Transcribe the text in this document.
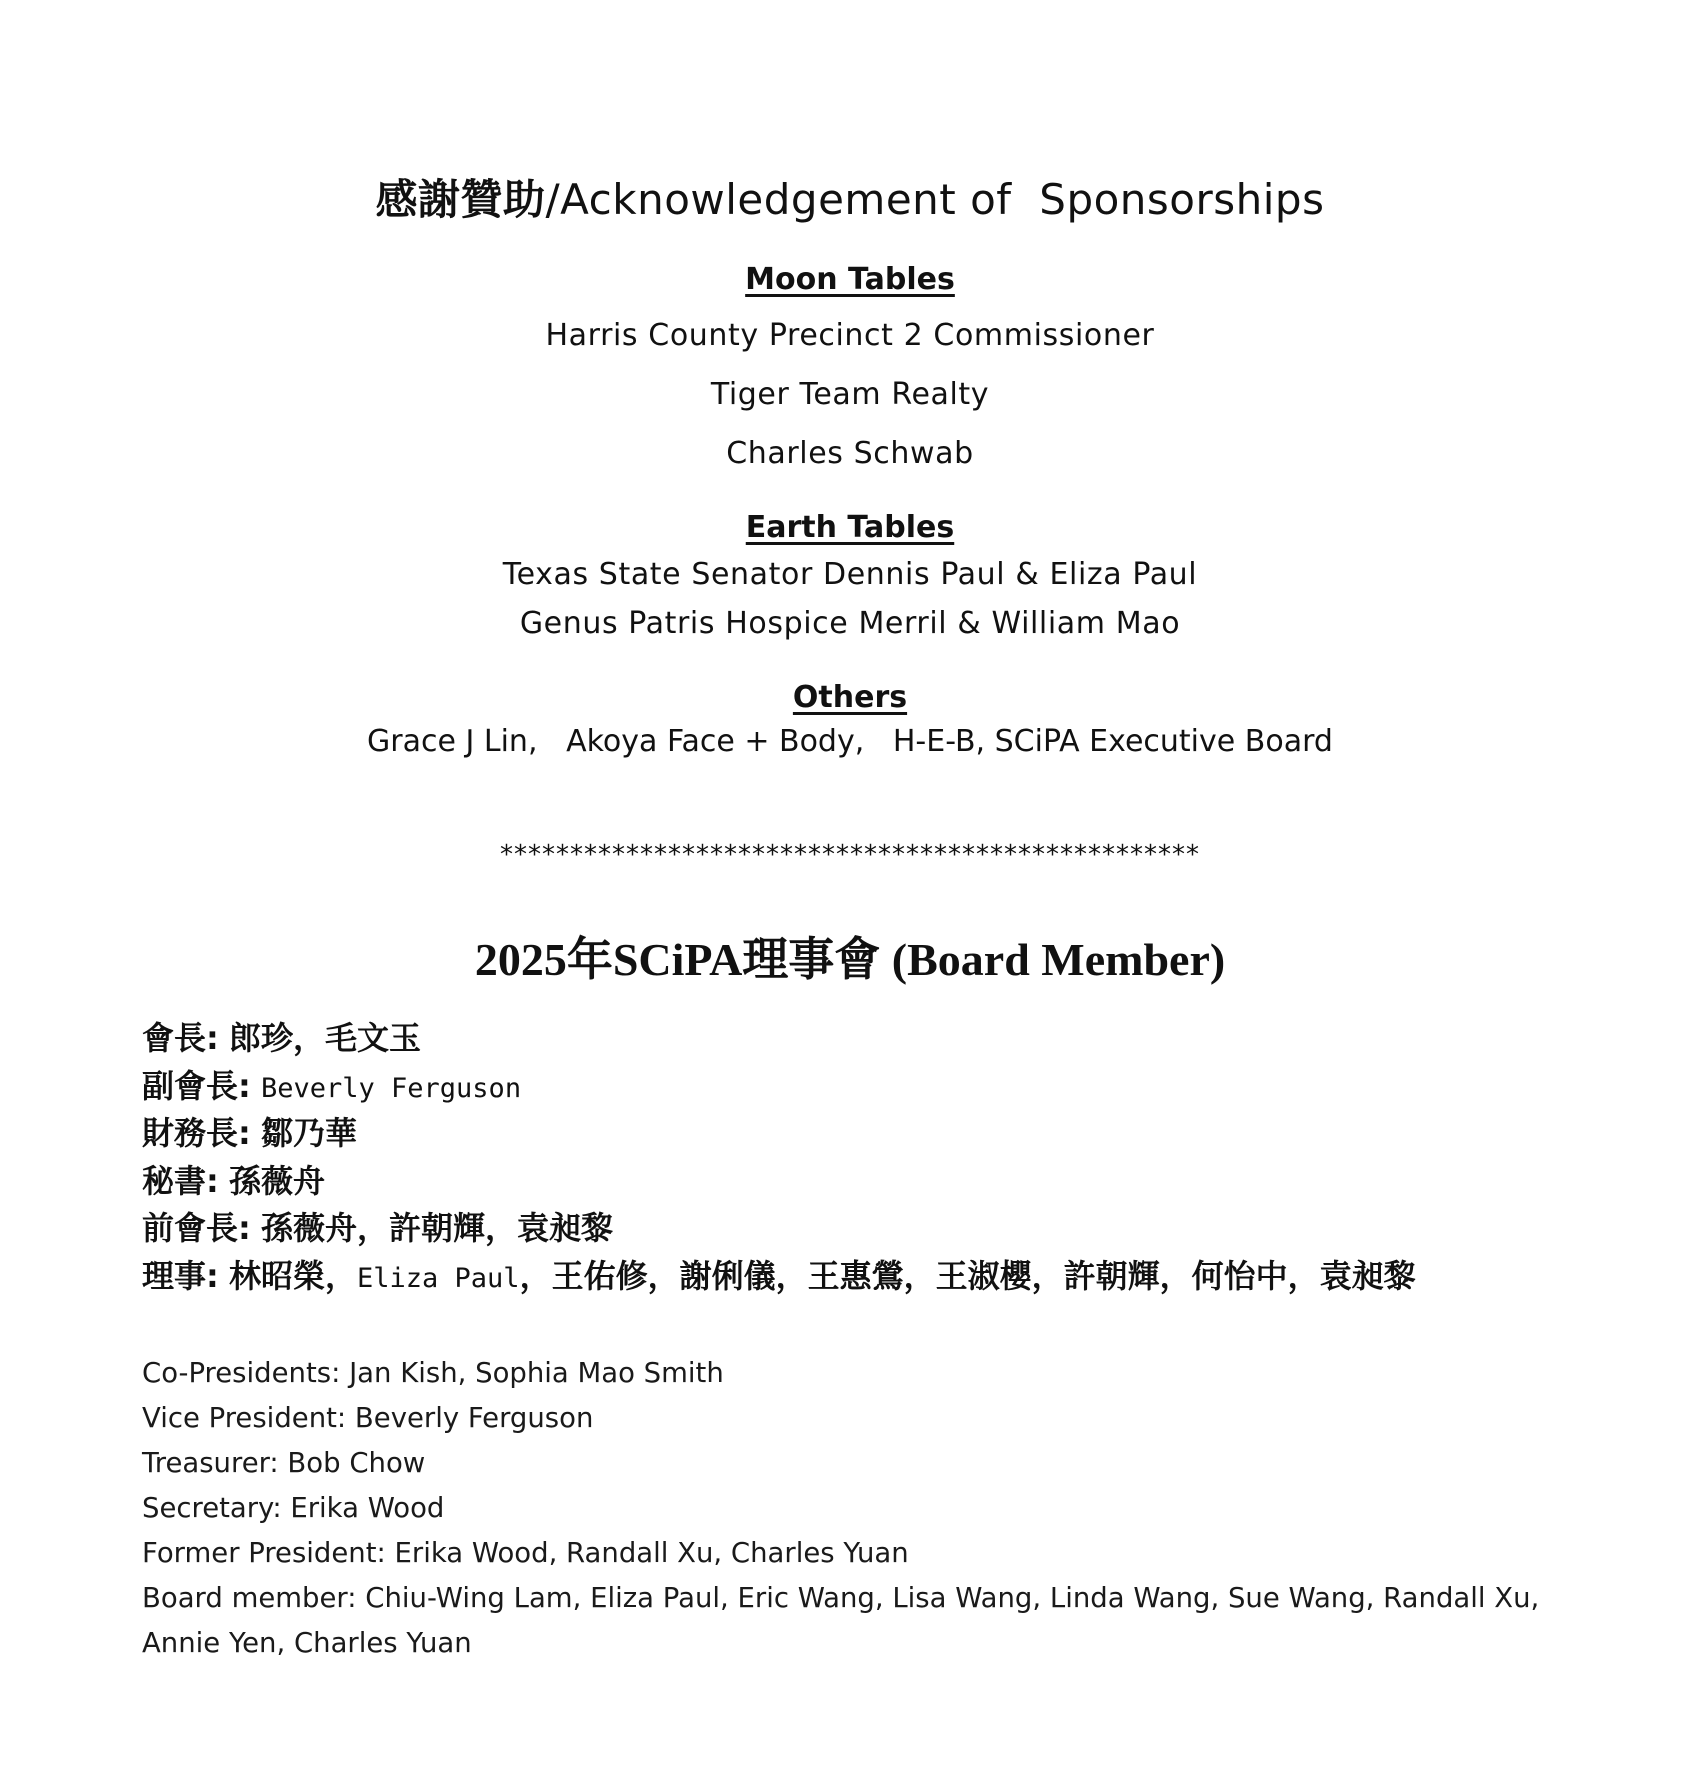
感謝贊助/Acknowledgement of  Sponsorships
Moon Tables
Harris County Precinct 2 Commissioner
Tiger Team Realty
Charles Schwab
Earth Tables
Texas State Senator Dennis Paul & Eliza Paul
Genus Patris Hospice Merril & William Mao
Others
Grace J Lin,   Akoya Face + Body,   H-E-B, SCiPA Executive Board
**************************************************
2025年SCiPA理事會 (Board Member)
會長: 郎珍，毛文玉
副會長: Beverly Ferguson
財務長: 鄒乃華
秘書: 孫薇舟
前會長: 孫薇舟，許朝輝，袁昶黎
理事: 林昭榮，Eliza Paul，王佑修，謝俐儀，王惠鶯，王淑櫻，許朝輝，何怡中，袁昶黎
Co-Presidents: Jan Kish, Sophia Mao Smith
Vice President: Beverly Ferguson
Treasurer: Bob Chow
Secretary: Erika Wood
Former President: Erika Wood, Randall Xu, Charles Yuan
Board member: Chiu-Wing Lam, Eliza Paul, Eric Wang, Lisa Wang, Linda Wang, Sue Wang, Randall Xu,
Annie Yen, Charles Yuan
